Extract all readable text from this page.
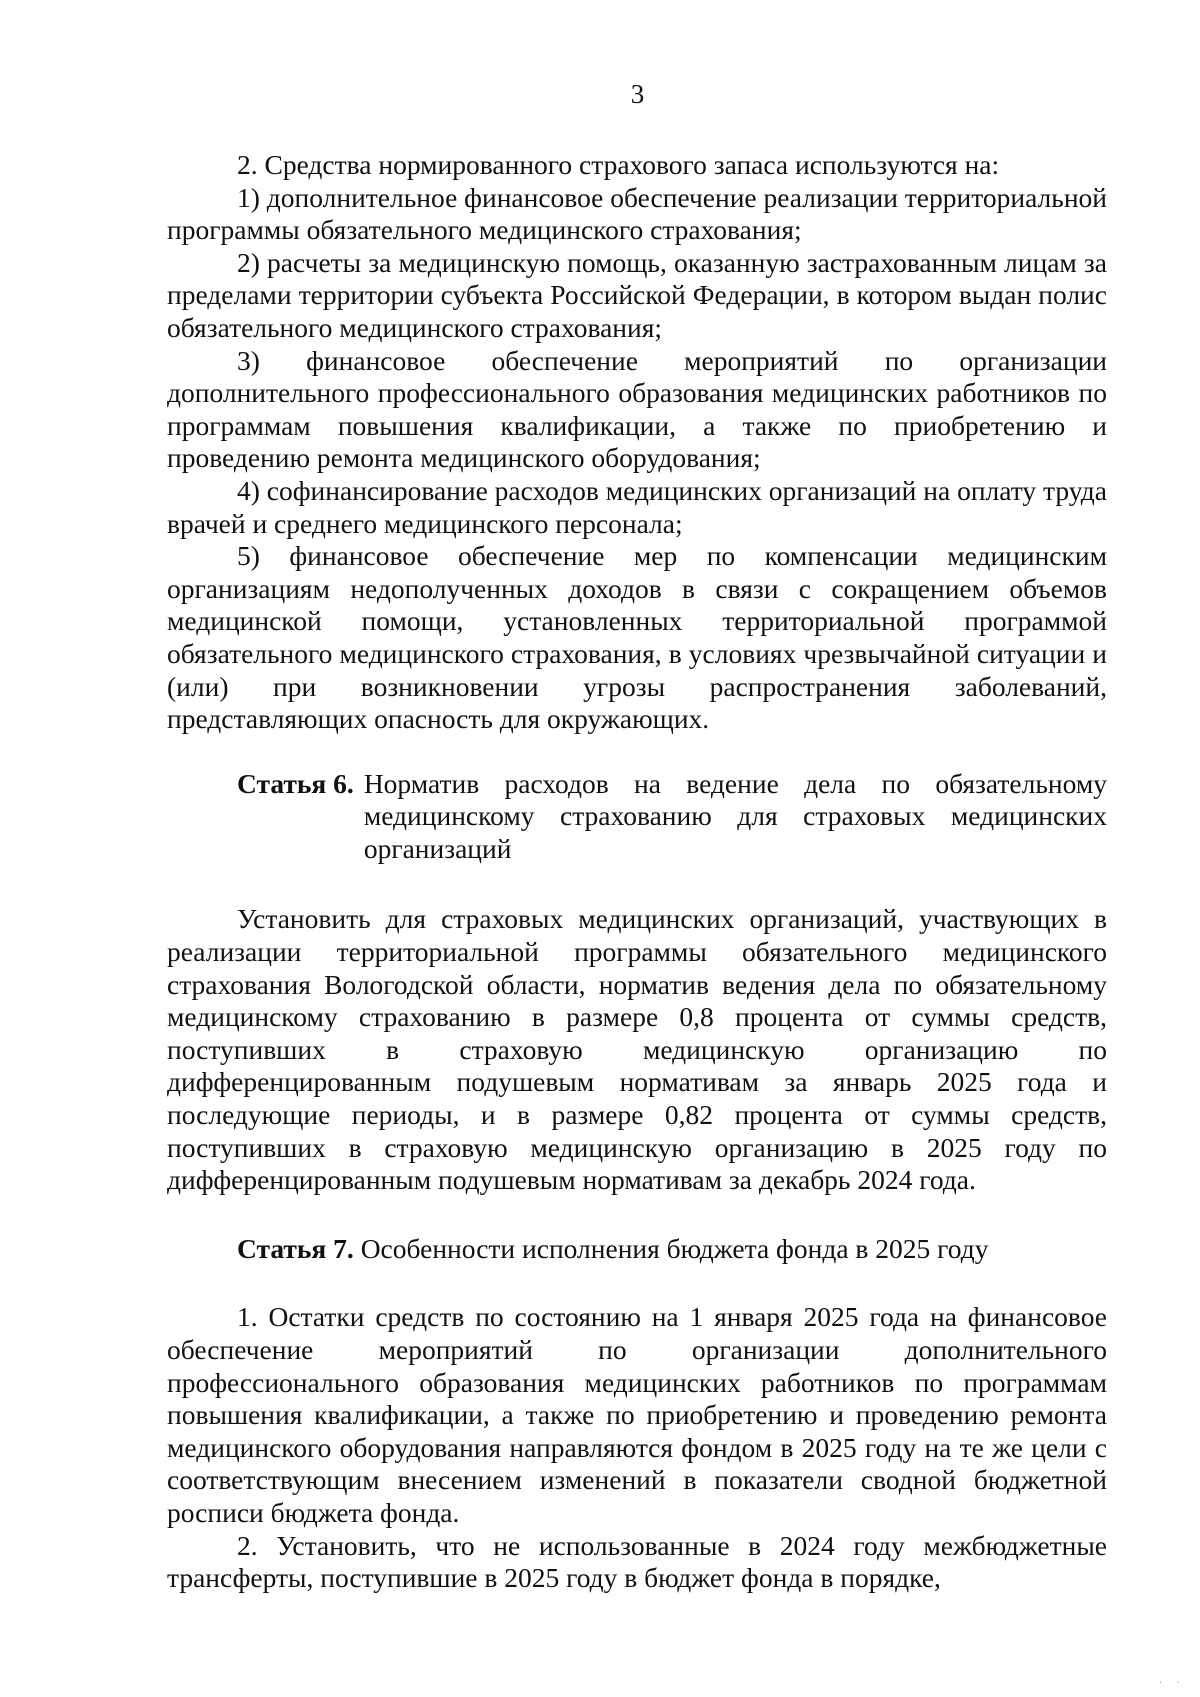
3

2. Средства нормированного страхового запаса используются на:

1) дополнительное финансовое обеспечение реализации территориальной программы обязательного медицинского страхования;

2) расчеты за медицинскую помощь, оказанную застрахованным лицам за пределами территории субъекта Российской Федерации, в котором выдан полис обязательного медицинского страхования;

3) финансовое обеспечение мероприятий по организации дополнительного профессионального образования медицинских работников по программам повышения квалификации, а также по приобретению и проведению ремонта медицинского оборудования;

4) софинансирование расходов медицинских организаций на оплату труда врачей и среднего медицинского персонала;

5) финансовое обеспечение мер по компенсации медицинским организациям недополученных доходов в связи с сокращением объемов медицинской помощи, установленных территориальной программой обязательного медицинского страхования, в условиях чрезвычайной ситуации и (или) при возникновении угрозы распространения заболеваний, представляющих опасность для окружающих.

Статья 6. Норматив расходов на ведение дела по обязательному медицинскому страхованию для страховых медицинских организаций

Установить для страховых медицинских организаций, участвующих в реализации территориальной программы обязательного медицинского страхования Вологодской области, норматив ведения дела по обязательному медицинскому страхованию в размере 0,8 процента от суммы средств, поступивших в страховую медицинскую организацию по дифференцированным подушевым нормативам за январь 2025 года и последующие периоды, и в размере 0,82 процента от суммы средств, поступивших в страховую медицинскую организацию в 2025 году по дифференцированным подушевым нормативам за декабрь 2024 года.

Статья 7. Особенности исполнения бюджета фонда в 2025 году

1. Остатки средств по состоянию на 1 января 2025 года на финансовое обеспечение мероприятий по организации дополнительного профессионального образования медицинских работников по программам повышения квалификации, а также по приобретению и проведению ремонта медицинского оборудования направляются фондом в 2025 году на те же цели с соответствующим внесением изменений в показатели сводной бюджетной росписи бюджета фонда.

2. Установить, что не использованные в 2024 году межбюджетные трансферты, поступившие в 2025 году в бюджет фонда в порядке,

· ·
